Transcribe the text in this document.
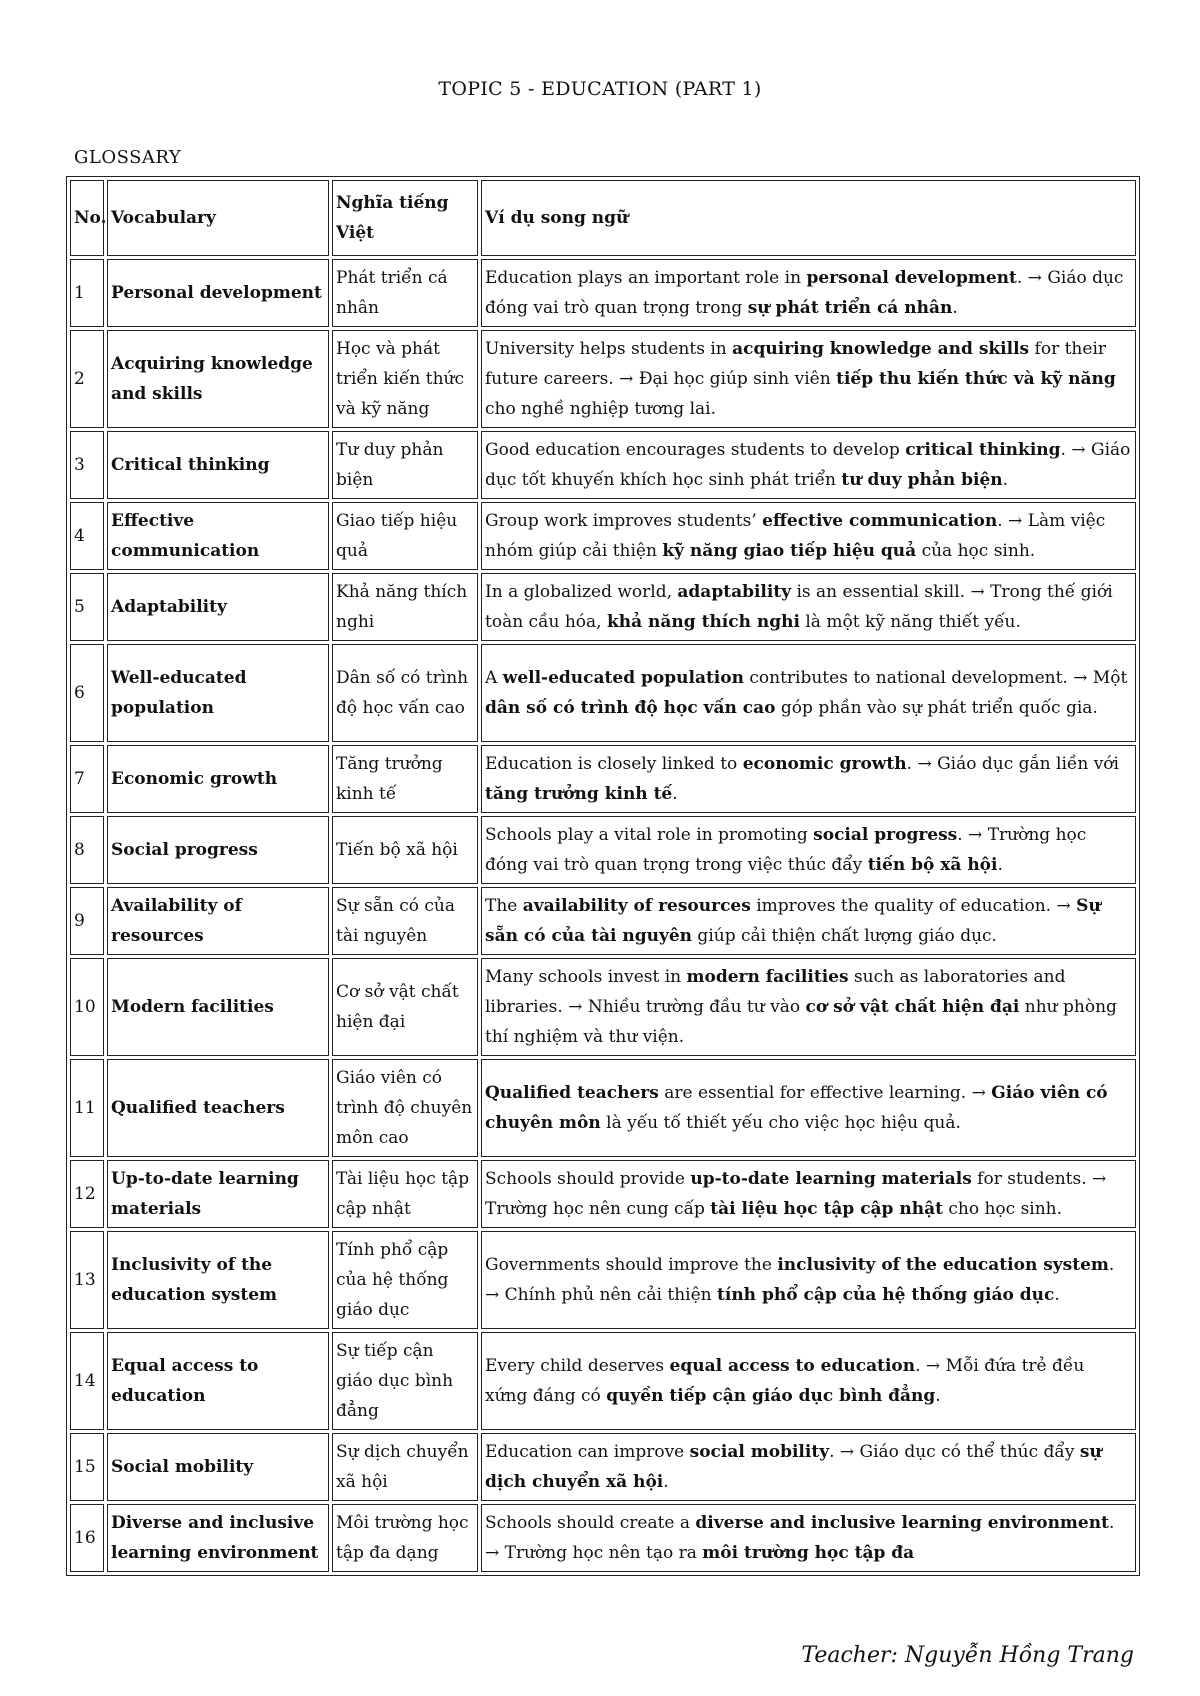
TOPIC 5 - EDUCATION (PART 1)
GLOSSARY
No.	Vocabulary	Nghĩa tiếng Việt	Ví dụ song ngữ
1	Personal development	Phát triển cá nhân	Education plays an important role in personal development. → Giáo dục đóng vai trò quan trọng trong sự phát triển cá nhân.
2	Acquiring knowledge and skills	Học và phát triển kiến thức và kỹ năng	University helps students in acquiring knowledge and skills for their future careers. → Đại học giúp sinh viên tiếp thu kiến thức và kỹ năng cho nghề nghiệp tương lai.
3	Critical thinking	Tư duy phản biện	Good education encourages students to develop critical thinking. → Giáo dục tốt khuyến khích học sinh phát triển tư duy phản biện.
4	Effective communication	Giao tiếp hiệu quả	Group work improves students’ effective communication. → Làm việc nhóm giúp cải thiện kỹ năng giao tiếp hiệu quả của học sinh.
5	Adaptability	Khả năng thích nghi	In a globalized world, adaptability is an essential skill. → Trong thế giới toàn cầu hóa, khả năng thích nghi là một kỹ năng thiết yếu.
6	Well-educated population	Dân số có trình độ học vấn cao	A well-educated population contributes to national development. → Một dân số có trình độ học vấn cao góp phần vào sự phát triển quốc gia.
7	Economic growth	Tăng trưởng kinh tế	Education is closely linked to economic growth. → Giáo dục gắn liền với tăng trưởng kinh tế.
8	Social progress	Tiến bộ xã hội	Schools play a vital role in promoting social progress. → Trường học đóng vai trò quan trọng trong việc thúc đẩy tiến bộ xã hội.
9	Availability of resources	Sự sẵn có của tài nguyên	The availability of resources improves the quality of education. → Sự sẵn có của tài nguyên giúp cải thiện chất lượng giáo dục.
10	Modern facilities	Cơ sở vật chất hiện đại	Many schools invest in modern facilities such as laboratories and libraries. → Nhiều trường đầu tư vào cơ sở vật chất hiện đại như phòng thí nghiệm và thư viện.
11	Qualified teachers	Giáo viên có trình độ chuyên môn cao	Qualified teachers are essential for effective learning. → Giáo viên có chuyên môn là yếu tố thiết yếu cho việc học hiệu quả.
12	Up-to-date learning materials	Tài liệu học tập cập nhật	Schools should provide up-to-date learning materials for students. → Trường học nên cung cấp tài liệu học tập cập nhật cho học sinh.
13	Inclusivity of the education system	Tính phổ cập của hệ thống giáo dục	Governments should improve the inclusivity of the education system. → Chính phủ nên cải thiện tính phổ cập của hệ thống giáo dục.
14	Equal access to education	Sự tiếp cận giáo dục bình đẳng	Every child deserves equal access to education. → Mỗi đứa trẻ đều xứng đáng có quyền tiếp cận giáo dục bình đẳng.
15	Social mobility	Sự dịch chuyển xã hội	Education can improve social mobility. → Giáo dục có thể thúc đẩy sự dịch chuyển xã hội.
16	Diverse and inclusive learning environment	Môi trường học tập đa dạng	Schools should create a diverse and inclusive learning environment. → Trường học nên tạo ra môi trường học tập đa
Teacher: Nguyễn Hồng Trang
